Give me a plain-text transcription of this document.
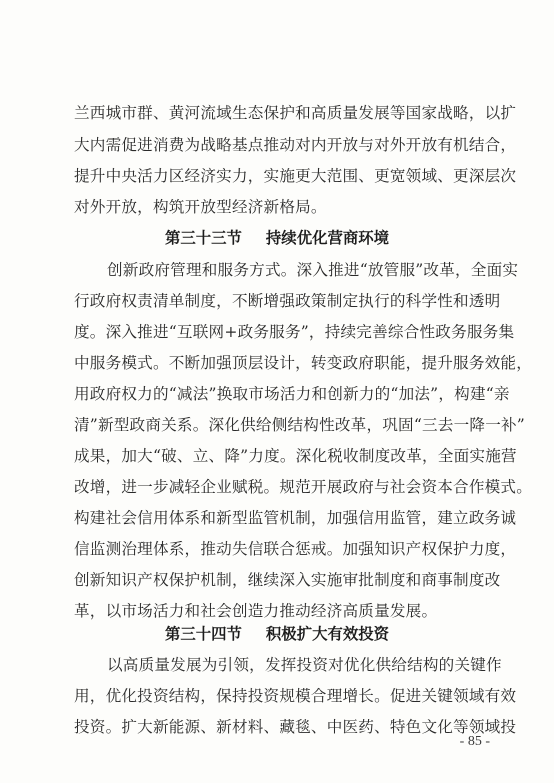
兰西城市群、黄河流域生态保护和高质量发展等国家战略，以扩
大内需促进消费为战略基点推动对内开放与对外开放有机结合，
提升中央活力区经济实力，实施更大范围、更宽领域、更深层次
对外开放，构筑开放型经济新格局。
第三十三节 持续优化营商环境
创新政府管理和服务方式。深入推进“放管服”改革，全面实
行政府权责清单制度，不断增强政策制定执行的科学性和透明
度。深入推进“互联网+政务服务”，持续完善综合性政务服务集
中服务模式。不断加强顶层设计，转变政府职能，提升服务效能，
用政府权力的“减法”换取市场活力和创新力的“加法”，构建“亲
清”新型政商关系。深化供给侧结构性改革，巩固“三去一降一补”
成果，加大“破、立、降”力度。深化税收制度改革，全面实施营
改增，进一步减轻企业赋税。规范开展政府与社会资本合作模式。
构建社会信用体系和新型监管机制，加强信用监管，建立政务诚
信监测治理体系，推动失信联合惩戒。加强知识产权保护力度，
创新知识产权保护机制，继续深入实施审批制度和商事制度改
革，以市场活力和社会创造力推动经济高质量发展。
第三十四节 积极扩大有效投资
以高质量发展为引领，发挥投资对优化供给结构的关键作
用，优化投资结构，保持投资规模合理增长。促进关键领域有效
投资。扩大新能源、新材料、藏毯、中医药、特色文化等领域投
- 85 -
